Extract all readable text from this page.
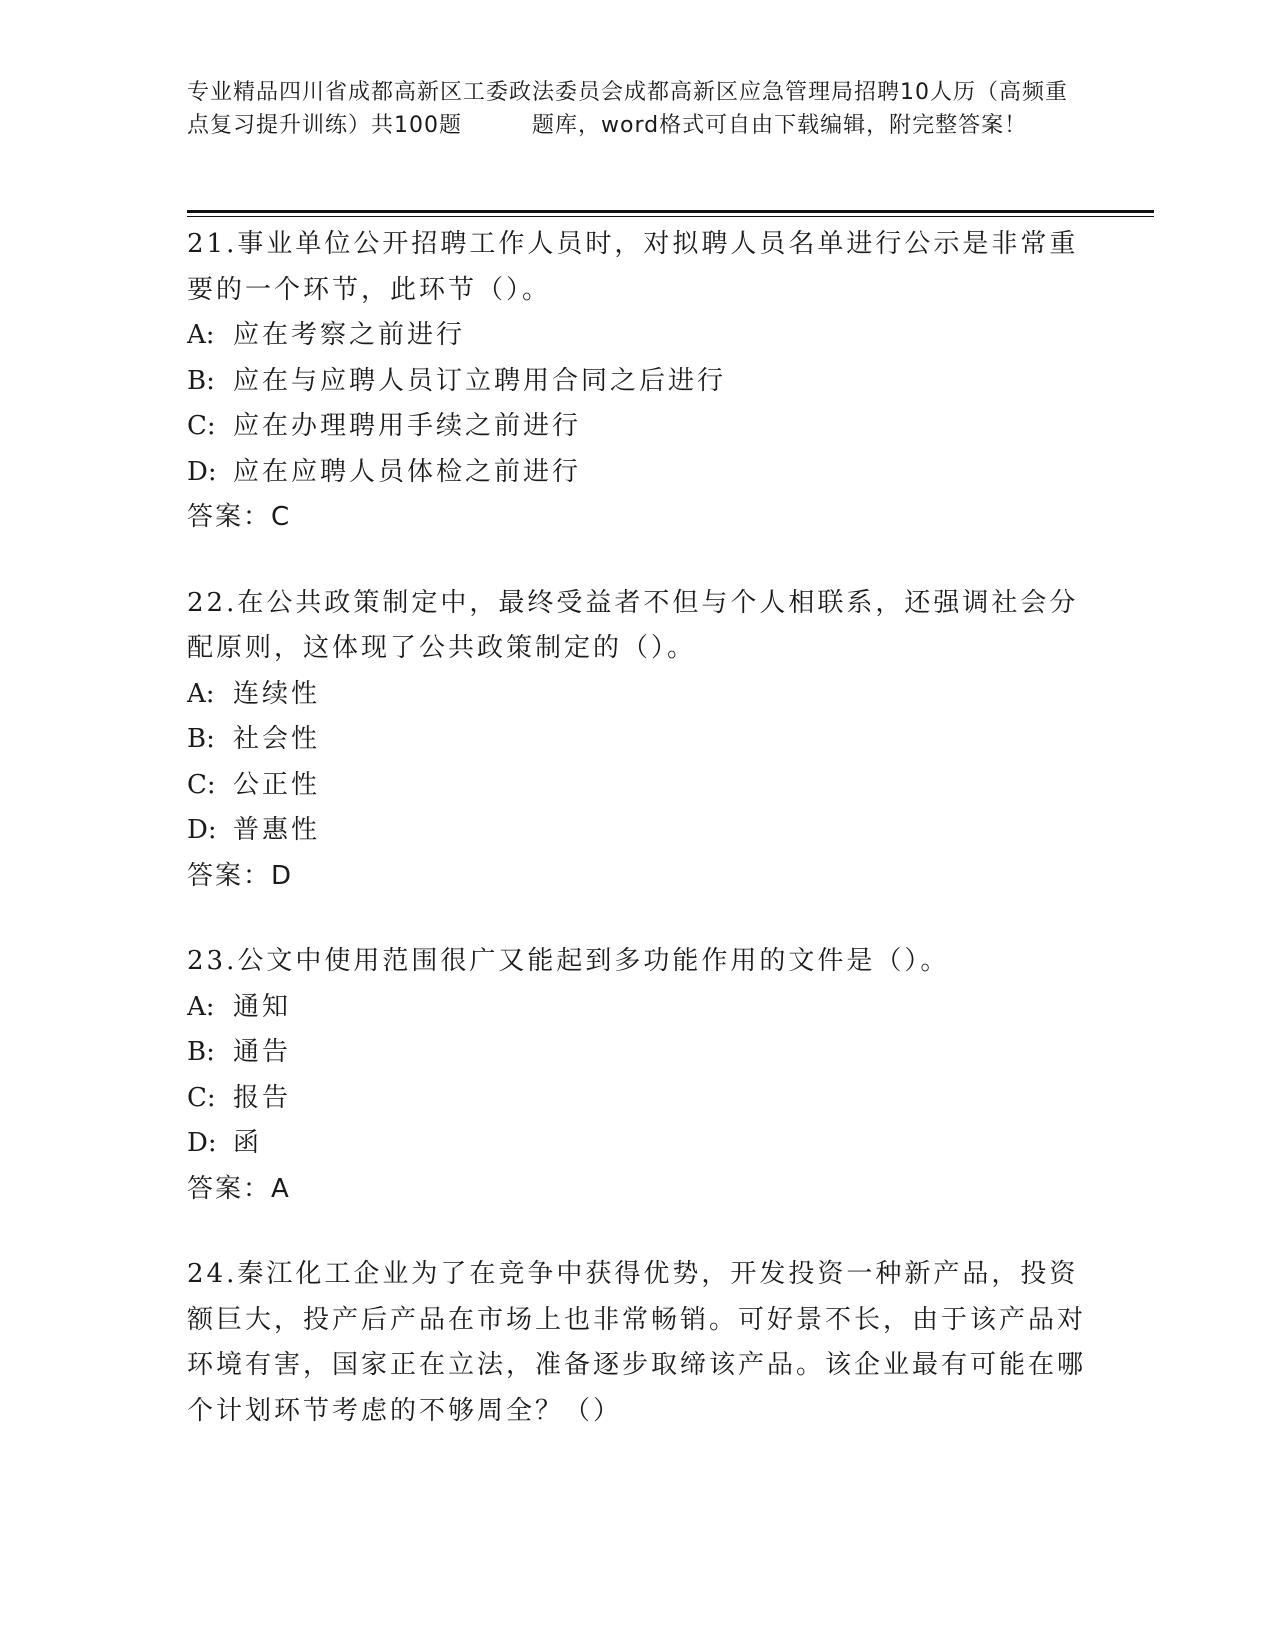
专业精品四川省成都高新区工委政法委员会成都高新区应急管理局招聘10人历（高频重点复习提升训练）共100题	题库，word格式可自由下载编辑，附完整答案！
21.事业单位公开招聘工作人员时，对拟聘人员名单进行公示是非常重要的一个环节，此环节（）。
A: 应在考察之前进行
B: 应在与应聘人员订立聘用合同之后进行
C: 应在办理聘用手续之前进行
D: 应在应聘人员体检之前进行
答案：C
22.在公共政策制定中，最终受益者不但与个人相联系，还强调社会分配原则，这体现了公共政策制定的（）。
A: 连续性
B: 社会性
C: 公正性
D: 普惠性
答案：D
23.公文中使用范围很广又能起到多功能作用的文件是（）。
A: 通知
B: 通告
C: 报告
D: 函
答案：A
24.秦江化工企业为了在竞争中获得优势，开发投资一种新产品，投资额巨大，投产后产品在市场上也非常畅销。可好景不长，由于该产品对环境有害，国家正在立法，准备逐步取缔该产品。该企业最有可能在哪个计划环节考虑的不够周全？（）
